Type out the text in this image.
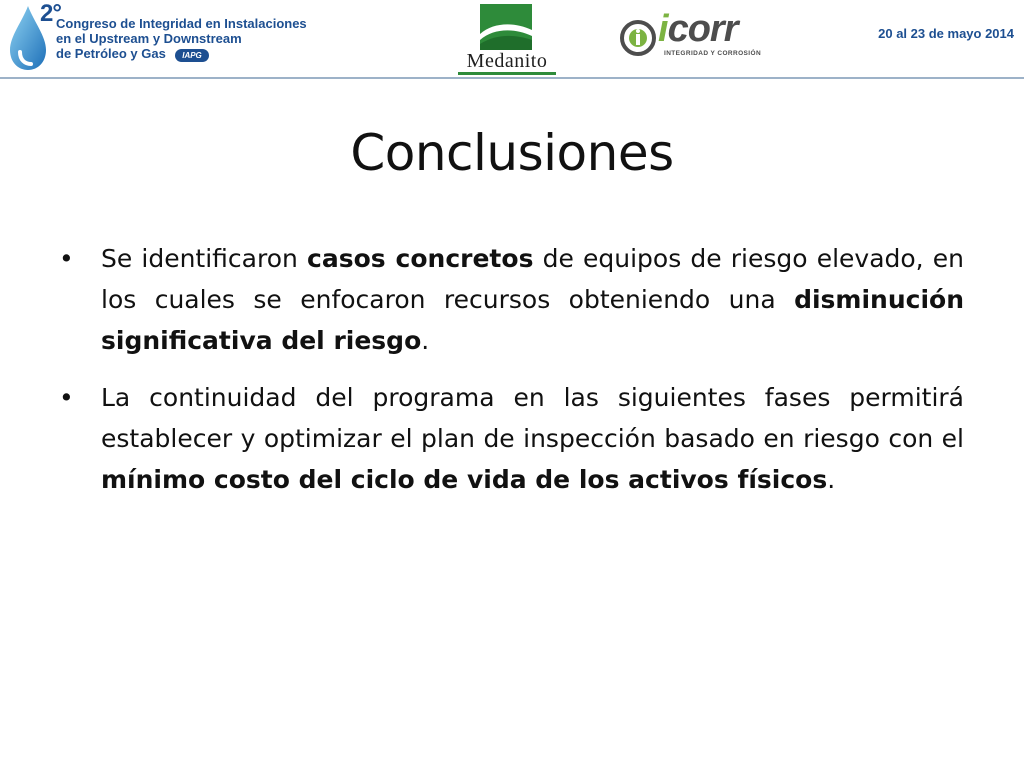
2°
Congreso de Integridad en Instalaciones
en el Upstream y Downstream
de Petróleo y Gas	IAPG	Medanito
icorr
INTEGRIDAD Y CORROSIÓN
20 al 23 de mayo 2014
Conclusiones
• Se identificaron casos concretos de equipos de riesgo elevado, en los cuales se enfocaron recursos obteniendo una disminución significativa del riesgo.
• La continuidad del programa en las siguientes fases permitirá establecer y optimizar el plan de inspección basado en riesgo con el mínimo costo del ciclo de vida de los activos físicos.
